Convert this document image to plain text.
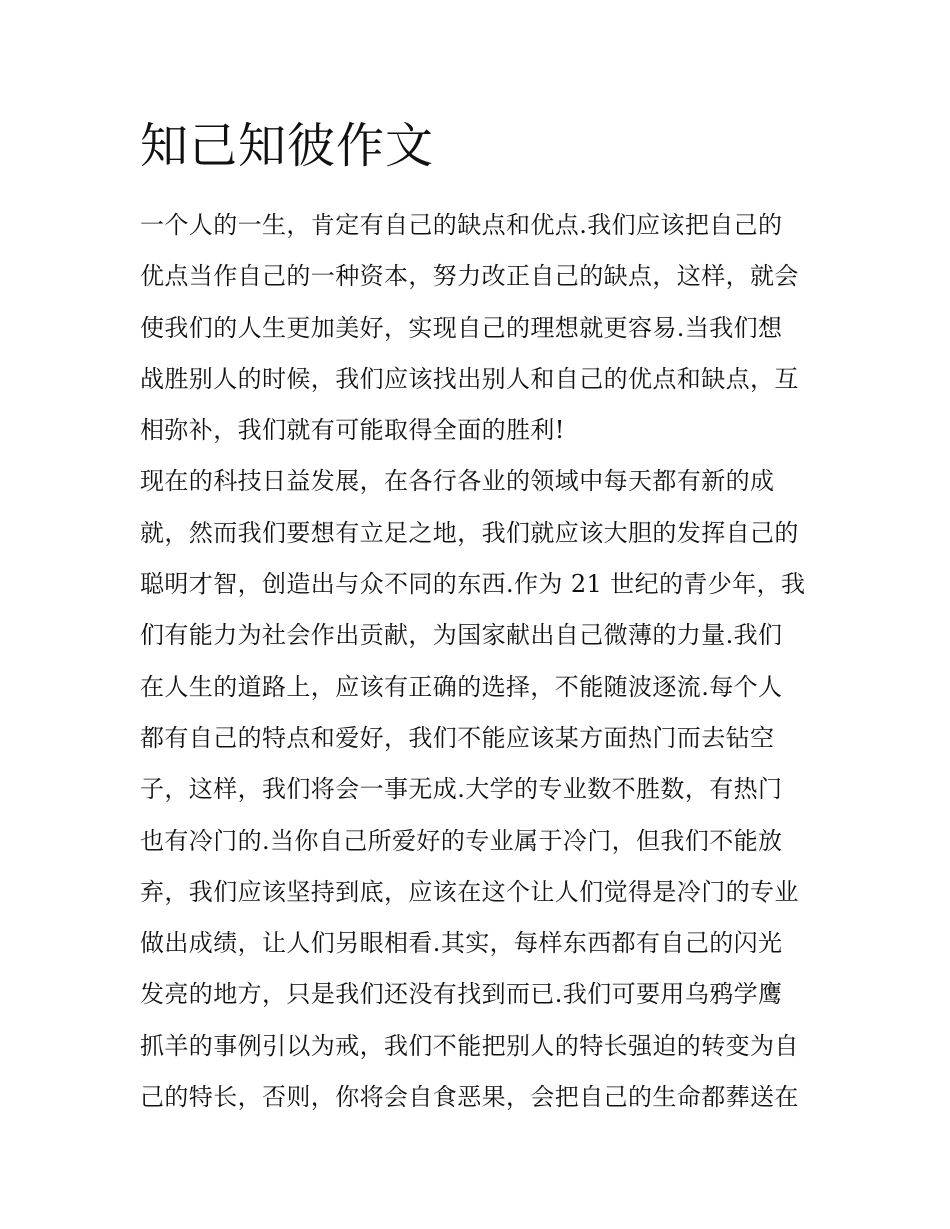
知己知彼作文
一个人的一生，肯定有自己的缺点和优点.我们应该把自己的
优点当作自己的一种资本，努力改正自己的缺点，这样，就会
使我们的人生更加美好，实现自己的理想就更容易.当我们想
战胜别人的时候，我们应该找出别人和自己的优点和缺点，互
相弥补，我们就有可能取得全面的胜利!
现在的科技日益发展，在各行各业的领域中每天都有新的成
就，然而我们要想有立足之地，我们就应该大胆的发挥自己的
聪明才智，创造出与众不同的东西.作为 21 世纪的青少年，我
们有能力为社会作出贡献，为国家献出自己微薄的力量.我们
在人生的道路上，应该有正确的选择，不能随波逐流.每个人
都有自己的特点和爱好，我们不能应该某方面热门而去钻空
子，这样，我们将会一事无成.大学的专业数不胜数，有热门
也有冷门的.当你自己所爱好的专业属于冷门，但我们不能放
弃，我们应该坚持到底，应该在这个让人们觉得是冷门的专业
做出成绩，让人们另眼相看.其实，每样东西都有自己的闪光
发亮的地方，只是我们还没有找到而已.我们可要用乌鸦学鹰
抓羊的事例引以为戒，我们不能把别人的特长强迫的转变为自
己的特长，否则，你将会自食恶果，会把自己的生命都葬送在
